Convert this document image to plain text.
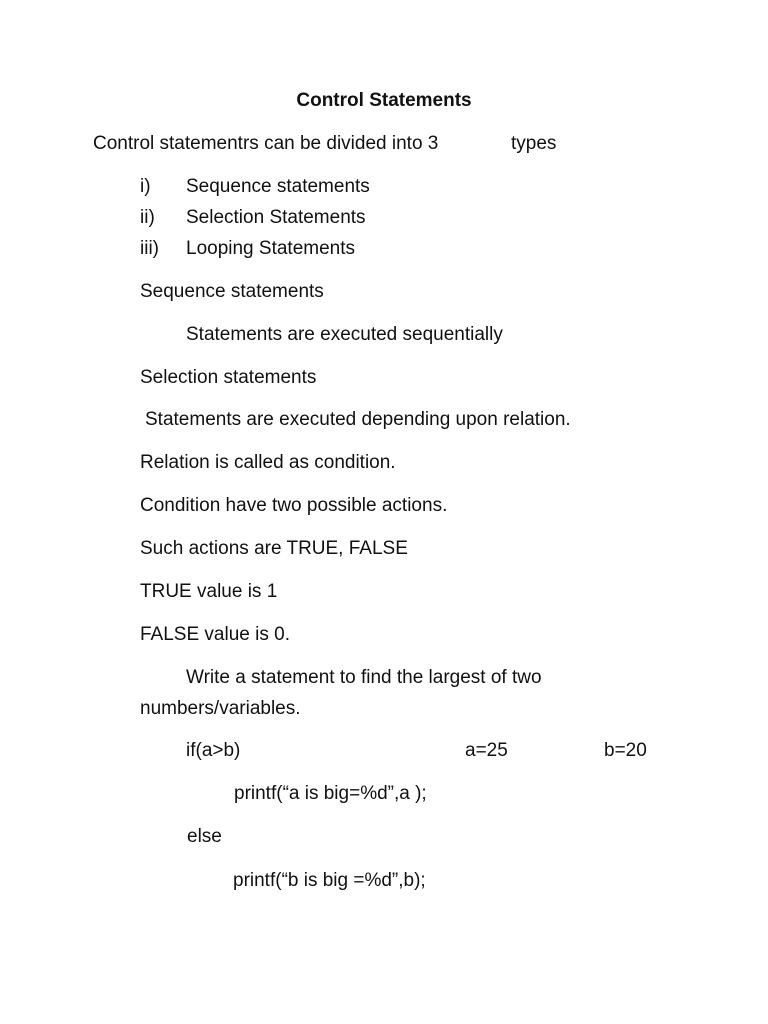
Control Statements

Control statementrs can be divided into 3	types

i) Sequence statements
ii) Selection Statements
iii) Looping Statements

Sequence statements

Statements are executed sequentially

Selection statements

Statements are executed depending upon relation.

Relation is called as condition.

Condition have two possible actions.

Such actions are TRUE, FALSE

TRUE value is 1

FALSE value is 0.

Write a statement to find the largest of two

numbers/variables.

if(a>b)	a=25	b=20
printf(“a is big=%d”,a );
else
printf(“b is big =%d”,b);
